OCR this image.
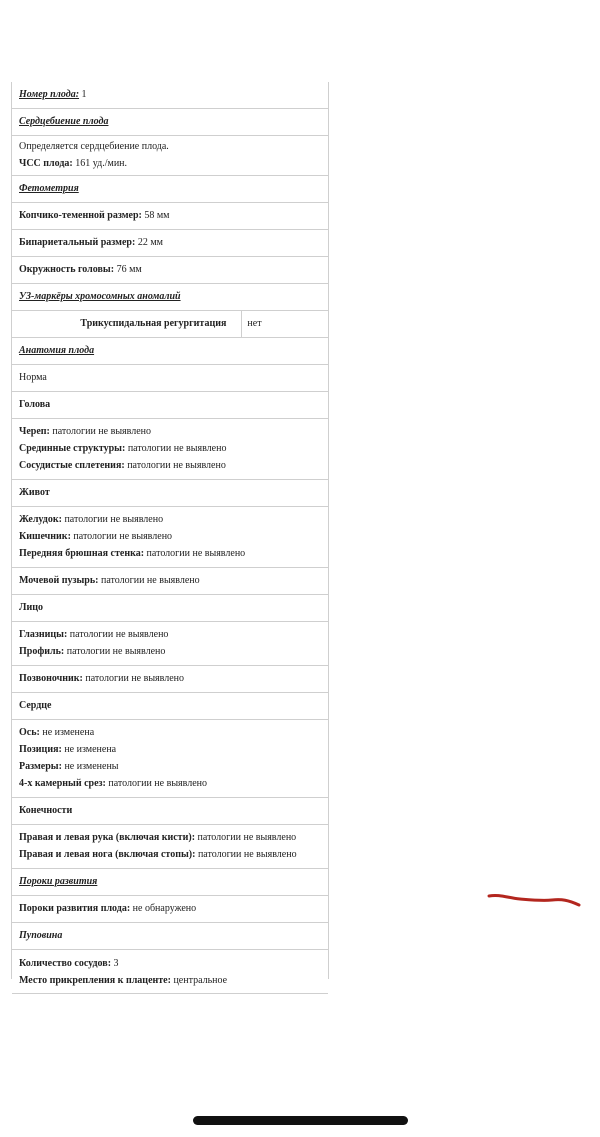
Номер плода: 1
Сердцебиение плода
Определяется сердцебиение плода.
ЧСС плода: 161 уд./мин.
Фетометрия
Копчико-теменной размер: 58 мм
Бипариетальный размер: 22 мм
Окружность головы: 76 мм
УЗ-маркёры хромосомных аномалий
Трикуспидальная регургитация	нет
Анатомия плода
Норма
Голова
Череп: патологии не выявлено
Срединные структуры: патологии не выявлено
Сосудистые сплетения: патологии не выявлено
Живот
Желудок: патологии не выявлено
Кишечник: патологии не выявлено
Передняя брюшная стенка: патологии не выявлено
Мочевой пузырь: патологии не выявлено
Лицо
Глазницы: патологии не выявлено
Профиль: патологии не выявлено
Позвоночник: патологии не выявлено
Сердце
Ось: не изменена
Позиция: не изменена
Размеры: не изменены
4-х камерный срез: патологии не выявлено
Конечности
Правая и левая рука (включая кисти): патологии не выявлено
Правая и левая нога (включая стопы): патологии не выявлено
Пороки развития
Пороки развития плода: не обнаружено
Пуповина
Количество сосудов: 3
Место прикрепления к плаценте: центральное
